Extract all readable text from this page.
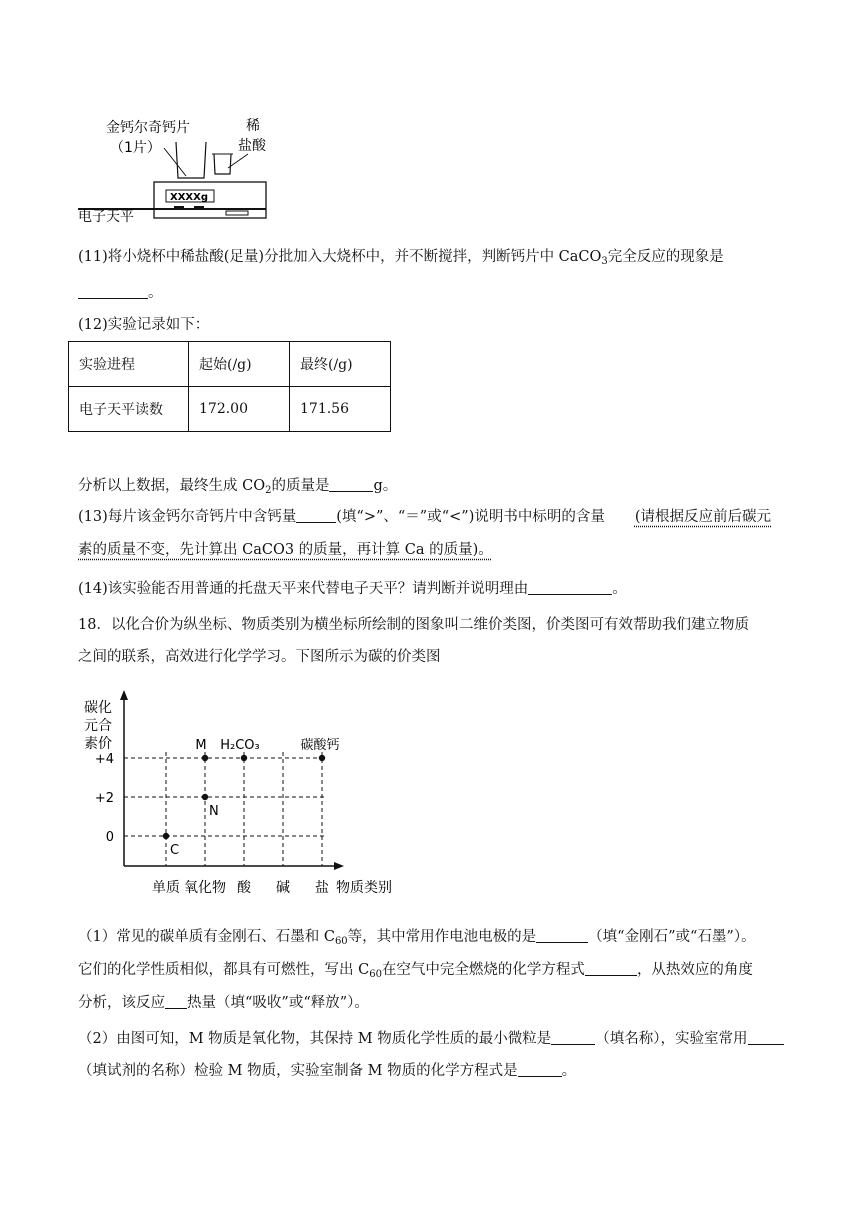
金钙尔奇钙片
（1片）
稀
盐酸
XXXXg
电子天平
(11)将小烧杯中稀盐酸(足量)分批加入大烧杯中，并不断搅拌，判断钙片中 CaCO$_3$完全反应的现象是
。
(12)实验记录如下：
实验进程	起始(/g)	最终(/g)
电子天平读数	172.00	171.56
分析以上数据，最终生成 $CO_2$的质量是	g。
(13)每片该金钙尔奇钙片中含钙量	(填“>”、“＝”或“<”)说明书中标明的含量 (请根据反应前后碳元
素的质量不变，先计算出 CaCO3 的质量，再计算 Ca 的质量)。
(14)该实验能否用普通的托盘天平来代替电子天平？请判断并说明理由	。
18．以化合价为纵坐标、物质类别为横坐标所绘制的图象叫二维价类图，价类图可有效帮助我们建立物质
之间的联系，高效进行化学学习。下图所示为碳的价类图
碳化
元合
素价
物质类别
+4
+2
0
单质 氧化物 酸 碱 盐
C
N
M H₂CO₃	碳酸钙
（1）常见的碳单质有金刚石、石墨和 $C_{60}$等，其中常用作电池电极的是	（填“金刚石”或“石墨”）。
它们的化学性质相似，都具有可燃性，写出 $C_{60}$在空气中完全燃烧的化学方程式	，从热效应的角度
分析，该反应 热量（填“吸收”或“释放”）。
（2）由图可知，M 物质是氧化物，其保持 M 物质化学性质的最小微粒是	（填名称），实验室常用
（填试剂的名称）检验 M 物质，实验室制备 M 物质的化学方程式是	。
